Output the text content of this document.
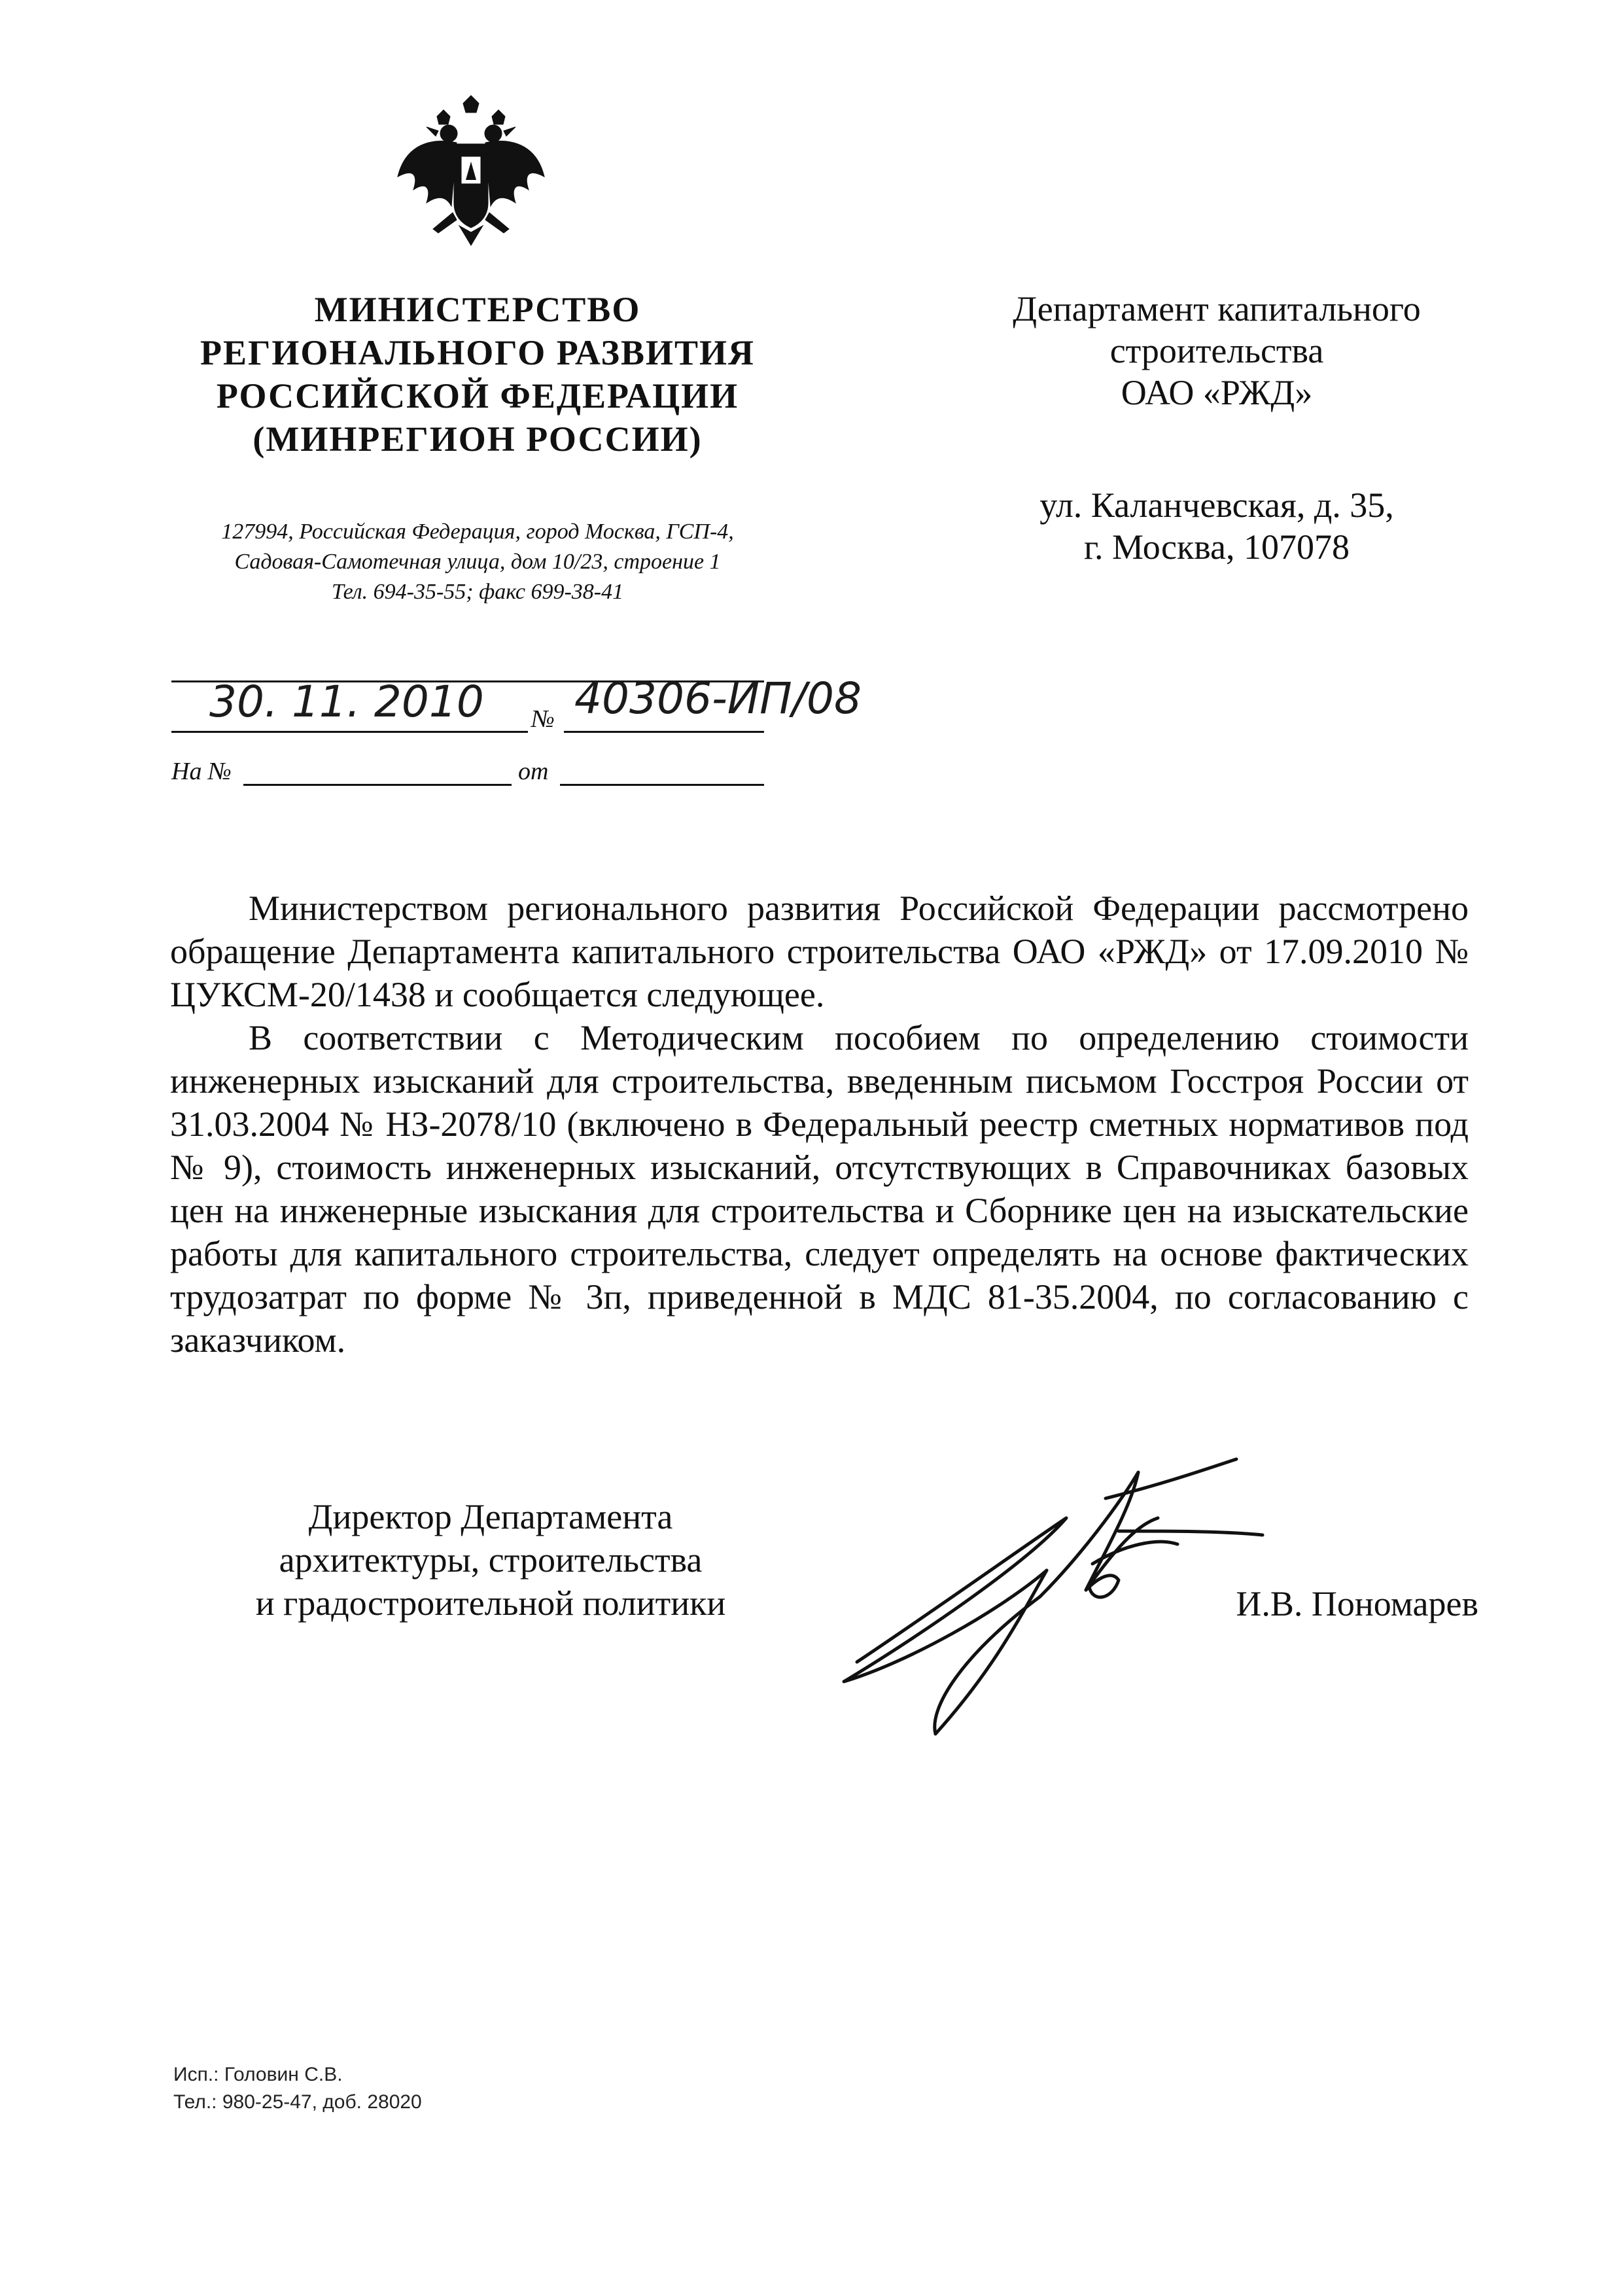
МИНИСТЕРСТВО
РЕГИОНАЛЬНОГО РАЗВИТИЯ
РОССИЙСКОЙ ФЕДЕРАЦИИ
(МИНРЕГИОН РОССИИ)
127994, Российская Федерация, город Москва, ГСП-4,
Садовая-Самотечная улица, дом 10/23, строение 1
Тел. 694-35-55; факс 699-38-41
Департамент капитального
строительства
ОАО «РЖД»
ул. Каланчевская, д. 35,
г. Москва, 107078
30. 11. 2010 № 40306-ИП/08
На №	от

Министерством регионального развития Российской Федерации рассмотрено обращение Департамента капитального строительства ОАО «РЖД» от 17.09.2010 № ЦУКСМ-20/1438 и сообщается следующее.

В соответствии с Методическим пособием по определению стоимости инженерных изысканий для строительства, введенным письмом Госстроя России от 31.03.2004 № НЗ-2078/10 (включено в Федеральный реестр сметных нормативов под № 9), стоимость инженерных изысканий, отсутствующих в Справочниках базовых цен на инженерные изыскания для строительства и Сборнике цен на изыскательские работы для капитального строительства, следует определять на основе фактических трудозатрат по форме № 3п, приведенной в МДС 81-35.2004, по согласованию с заказчиком.

Директор Департамента
архитектуры, строительства
и градостроительной политики	И.В. Пономарев
Исп.: Головин С.В.
Тел.: 980-25-47, доб. 28020
